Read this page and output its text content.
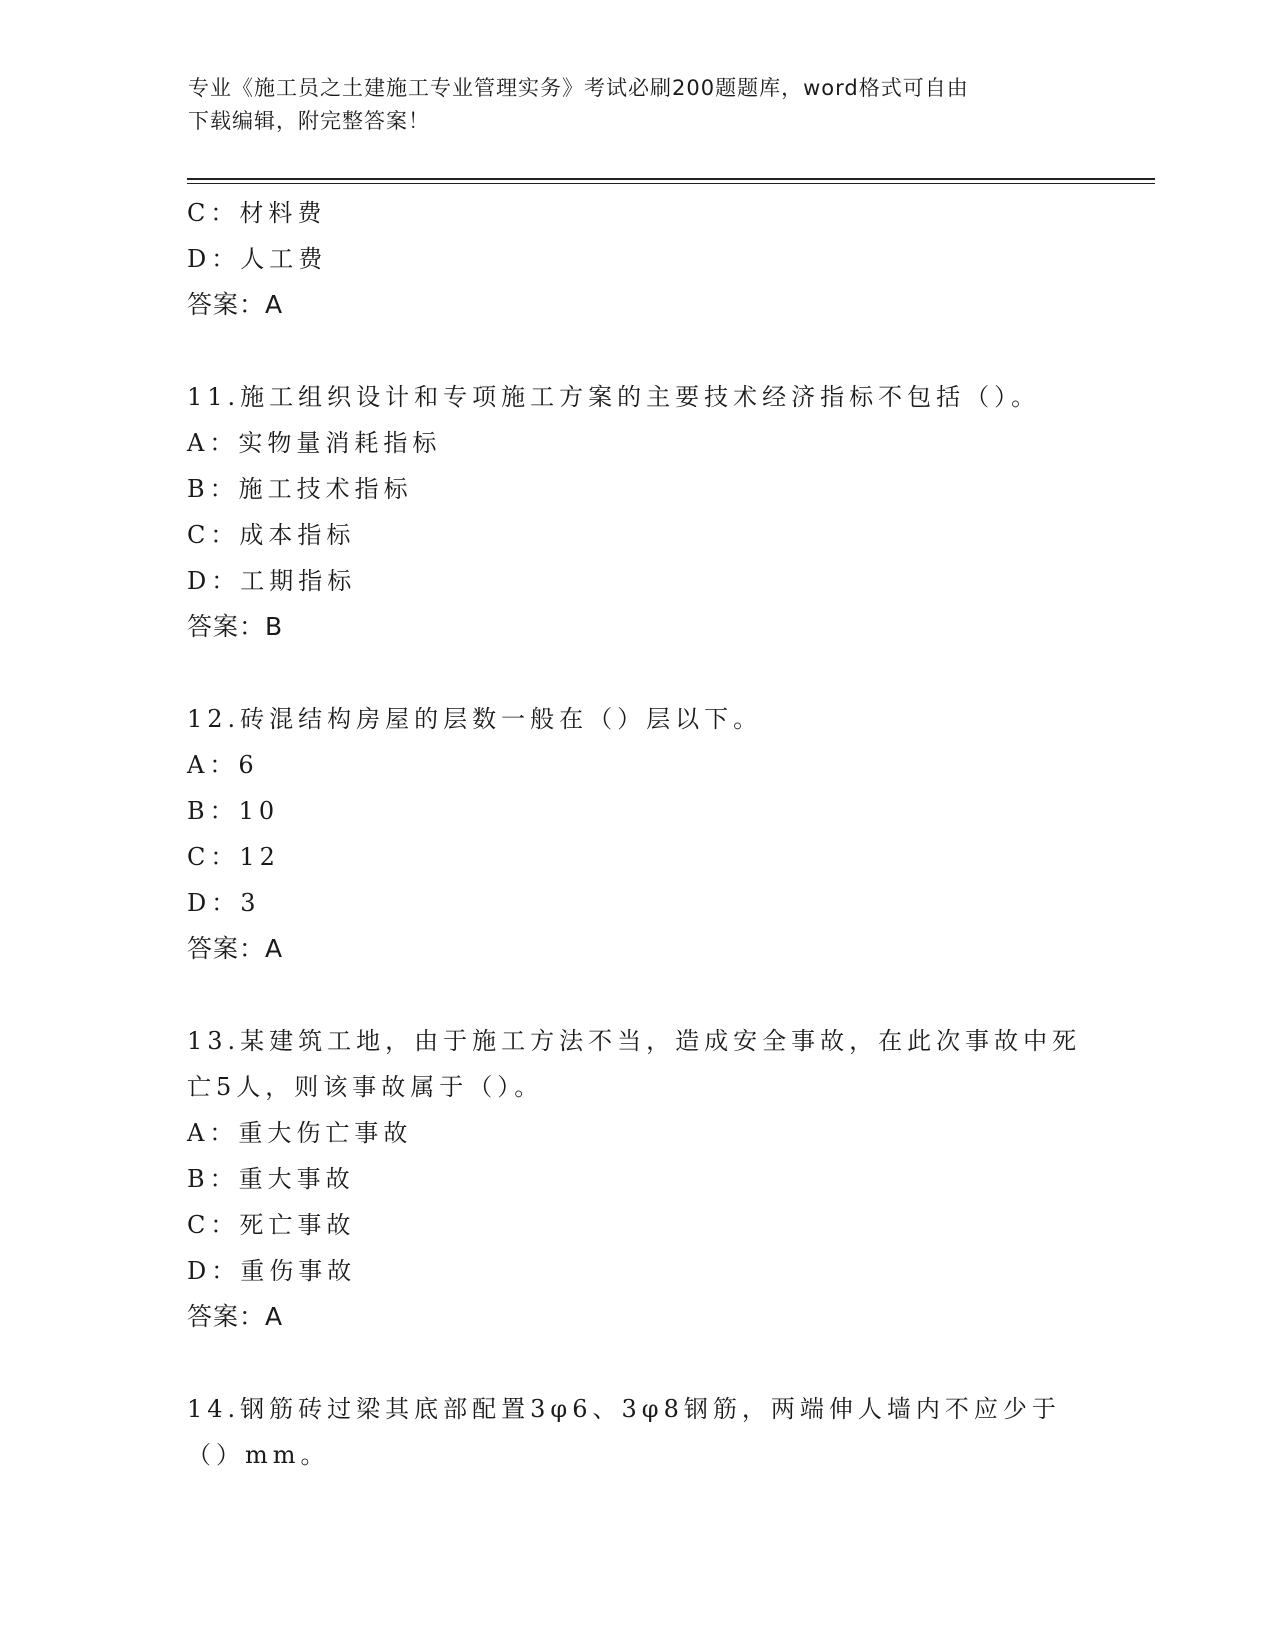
专业《施工员之土建施工专业管理实务》考试必刷200题题库，word格式可自由
下载编辑，附完整答案！
C：材料费
D：人工费
答案：A
11.施工组织设计和专项施工方案的主要技术经济指标不包括（）。
A：实物量消耗指标
B：施工技术指标
C：成本指标
D：工期指标
答案：B
12.砖混结构房屋的层数一般在（）层以下。
A：6
B：10
C：12
D：3
答案：A
13.某建筑工地，由于施工方法不当，造成安全事故，在此次事故中死
亡5人，则该事故属于（）。
A：重大伤亡事故
B：重大事故
C：死亡事故
D：重伤事故
答案：A
14.钢筋砖过梁其底部配置3φ6、3φ8钢筋，两端伸人墙内不应少于
（）mm。
